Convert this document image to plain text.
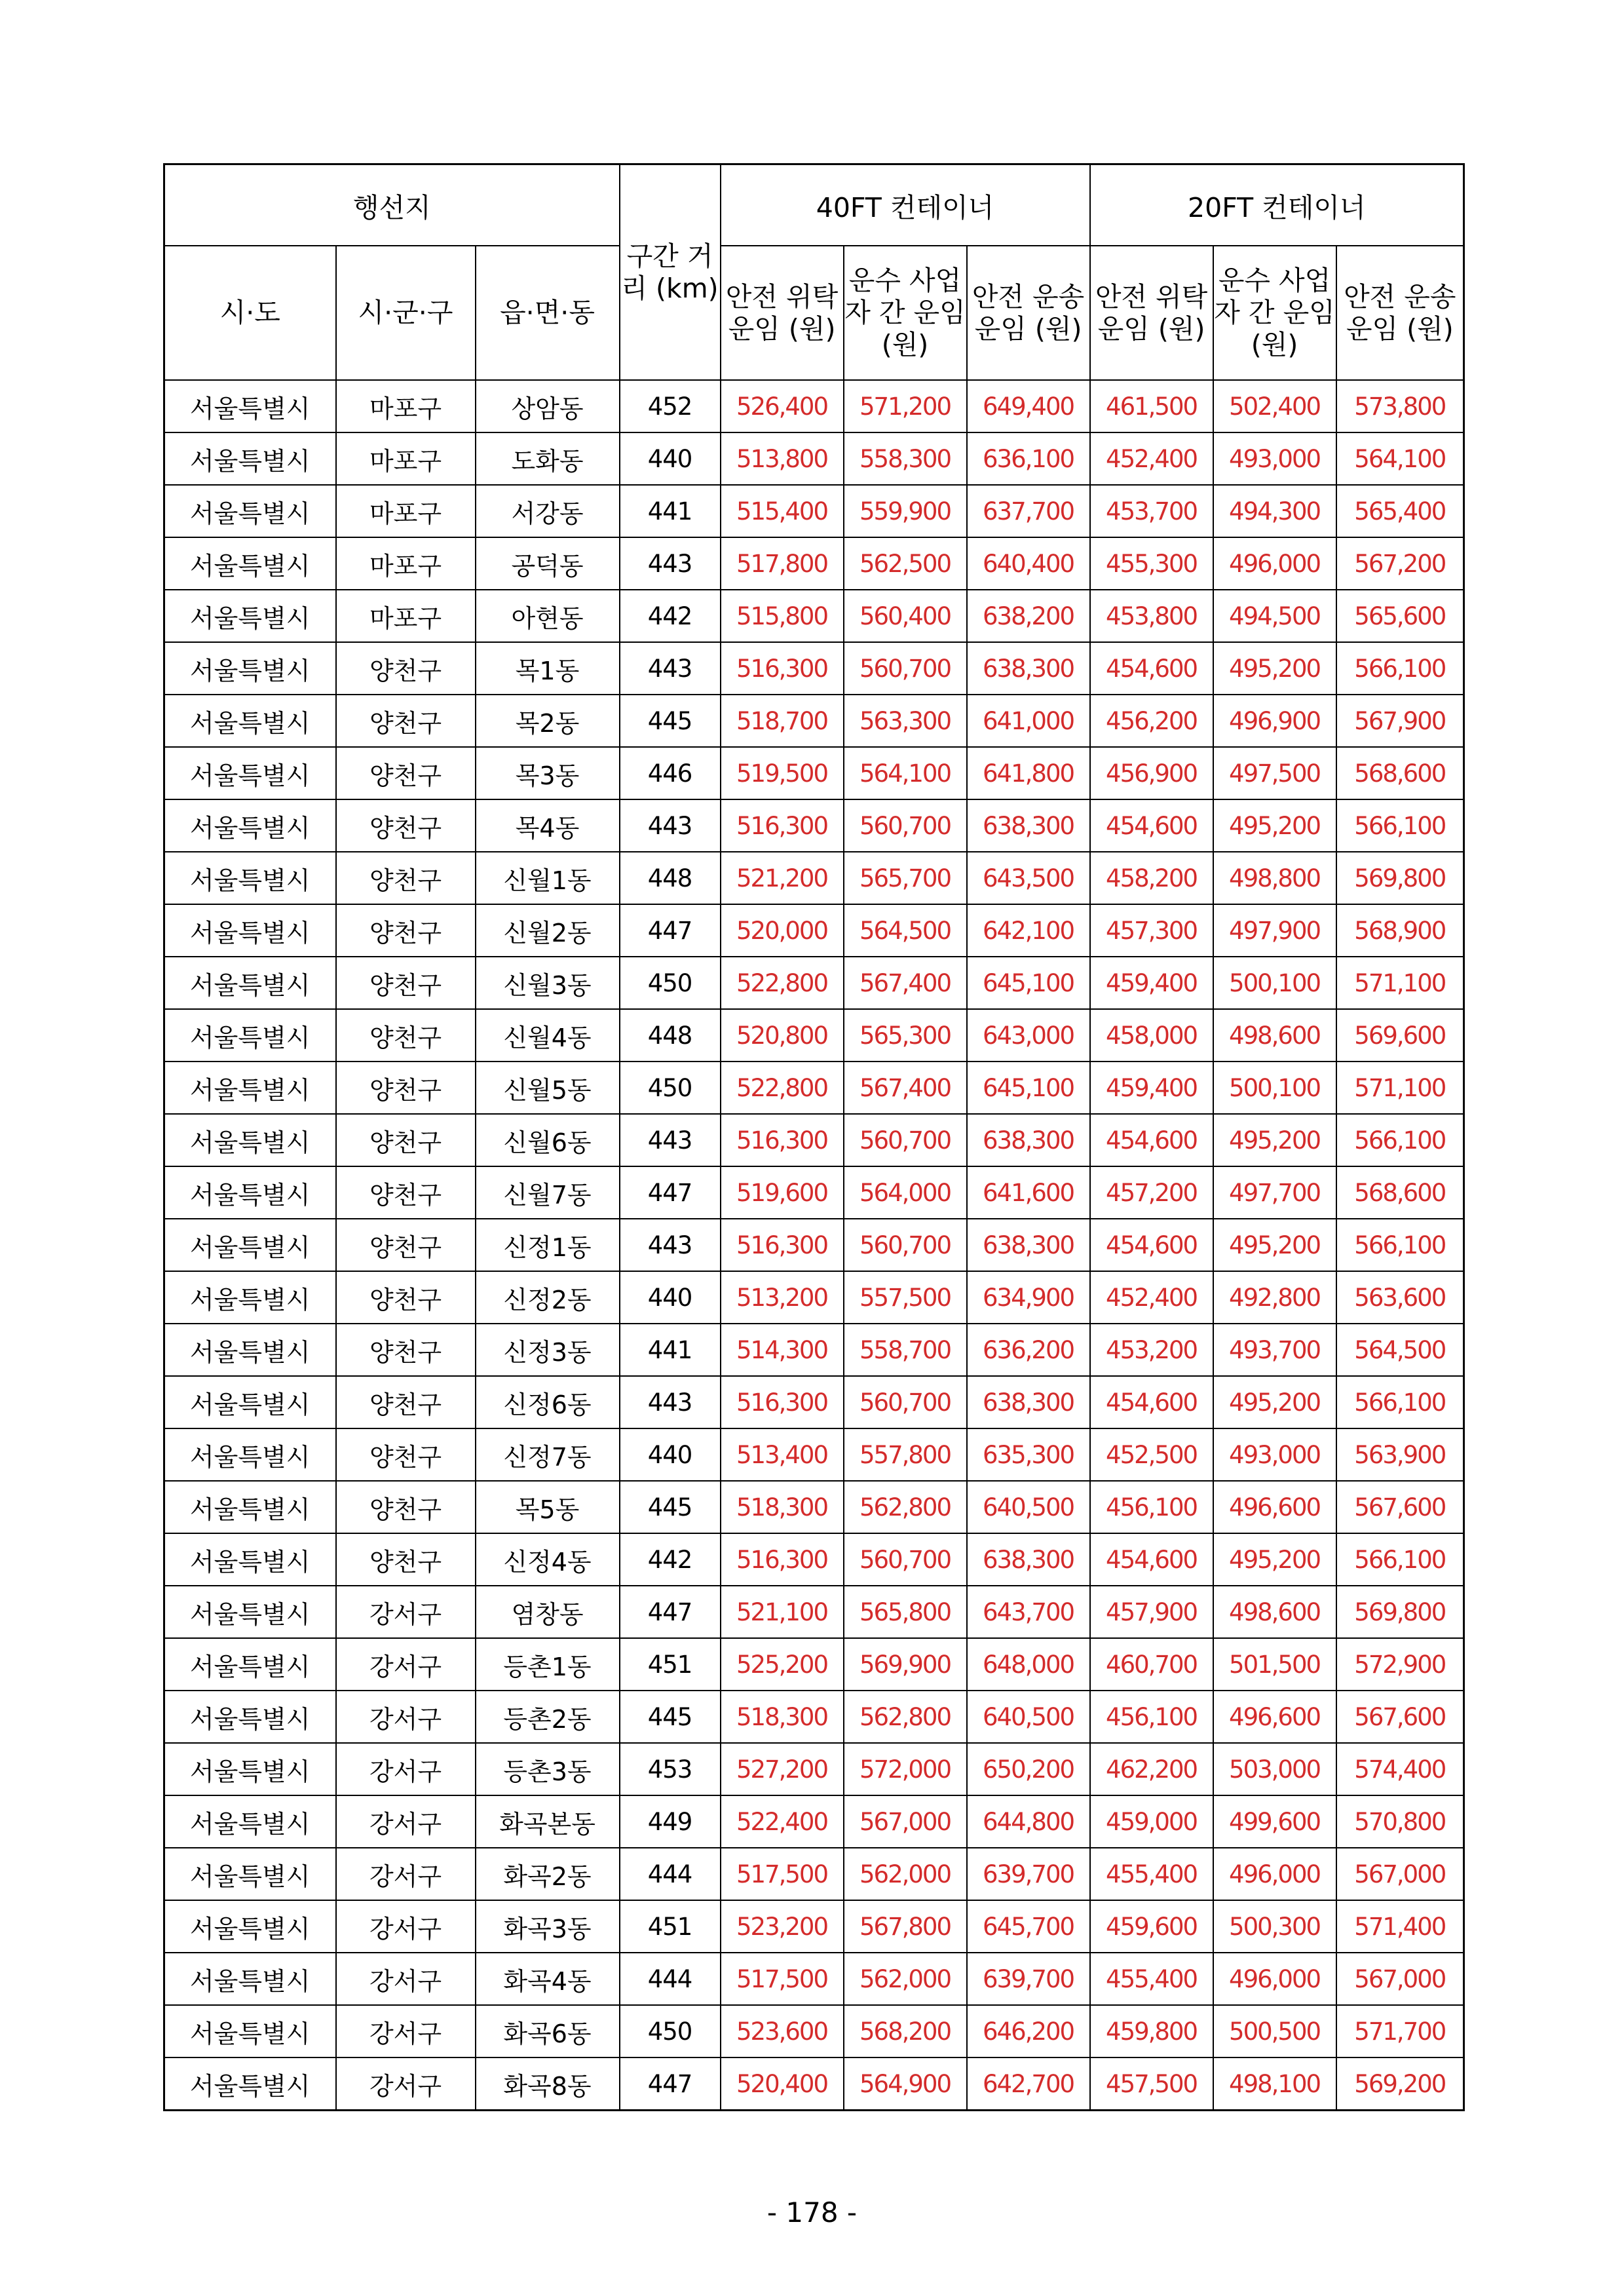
행선지			구간 거리 (km)	40FT 컨테이너			20FT 컨테이너		
시·도	시·군·구	읍·면·동		안전 위탁 운임 (원)	운수 사업자 간 운임 (원)	안전 운송 운임 (원)	안전 위탁 운임 (원)	운수 사업자 간 운임 (원)	안전 운송 운임 (원)
서울특별시	마포구	상암동	452	526,400	571,200	649,400	461,500	502,400	573,800
서울특별시	마포구	도화동	440	513,800	558,300	636,100	452,400	493,000	564,100
서울특별시	마포구	서강동	441	515,400	559,900	637,700	453,700	494,300	565,400
서울특별시	마포구	공덕동	443	517,800	562,500	640,400	455,300	496,000	567,200
서울특별시	마포구	아현동	442	515,800	560,400	638,200	453,800	494,500	565,600
서울특별시	양천구	목1동	443	516,300	560,700	638,300	454,600	495,200	566,100
서울특별시	양천구	목2동	445	518,700	563,300	641,000	456,200	496,900	567,900
서울특별시	양천구	목3동	446	519,500	564,100	641,800	456,900	497,500	568,600
서울특별시	양천구	목4동	443	516,300	560,700	638,300	454,600	495,200	566,100
서울특별시	양천구	신월1동	448	521,200	565,700	643,500	458,200	498,800	569,800
서울특별시	양천구	신월2동	447	520,000	564,500	642,100	457,300	497,900	568,900
서울특별시	양천구	신월3동	450	522,800	567,400	645,100	459,400	500,100	571,100
서울특별시	양천구	신월4동	448	520,800	565,300	643,000	458,000	498,600	569,600
서울특별시	양천구	신월5동	450	522,800	567,400	645,100	459,400	500,100	571,100
서울특별시	양천구	신월6동	443	516,300	560,700	638,300	454,600	495,200	566,100
서울특별시	양천구	신월7동	447	519,600	564,000	641,600	457,200	497,700	568,600
서울특별시	양천구	신정1동	443	516,300	560,700	638,300	454,600	495,200	566,100
서울특별시	양천구	신정2동	440	513,200	557,500	634,900	452,400	492,800	563,600
서울특별시	양천구	신정3동	441	514,300	558,700	636,200	453,200	493,700	564,500
서울특별시	양천구	신정6동	443	516,300	560,700	638,300	454,600	495,200	566,100
서울특별시	양천구	신정7동	440	513,400	557,800	635,300	452,500	493,000	563,900
서울특별시	양천구	목5동	445	518,300	562,800	640,500	456,100	496,600	567,600
서울특별시	양천구	신정4동	442	516,300	560,700	638,300	454,600	495,200	566,100
서울특별시	강서구	염창동	447	521,100	565,800	643,700	457,900	498,600	569,800
서울특별시	강서구	등촌1동	451	525,200	569,900	648,000	460,700	501,500	572,900
서울특별시	강서구	등촌2동	445	518,300	562,800	640,500	456,100	496,600	567,600
서울특별시	강서구	등촌3동	453	527,200	572,000	650,200	462,200	503,000	574,400
서울특별시	강서구	화곡본동	449	522,400	567,000	644,800	459,000	499,600	570,800
서울특별시	강서구	화곡2동	444	517,500	562,000	639,700	455,400	496,000	567,000
서울특별시	강서구	화곡3동	451	523,200	567,800	645,700	459,600	500,300	571,400
서울특별시	강서구	화곡4동	444	517,500	562,000	639,700	455,400	496,000	567,000
서울특별시	강서구	화곡6동	450	523,600	568,200	646,200	459,800	500,500	571,700
서울특별시	강서구	화곡8동	447	520,400	564,900	642,700	457,500	498,100	569,200
- 178 -
